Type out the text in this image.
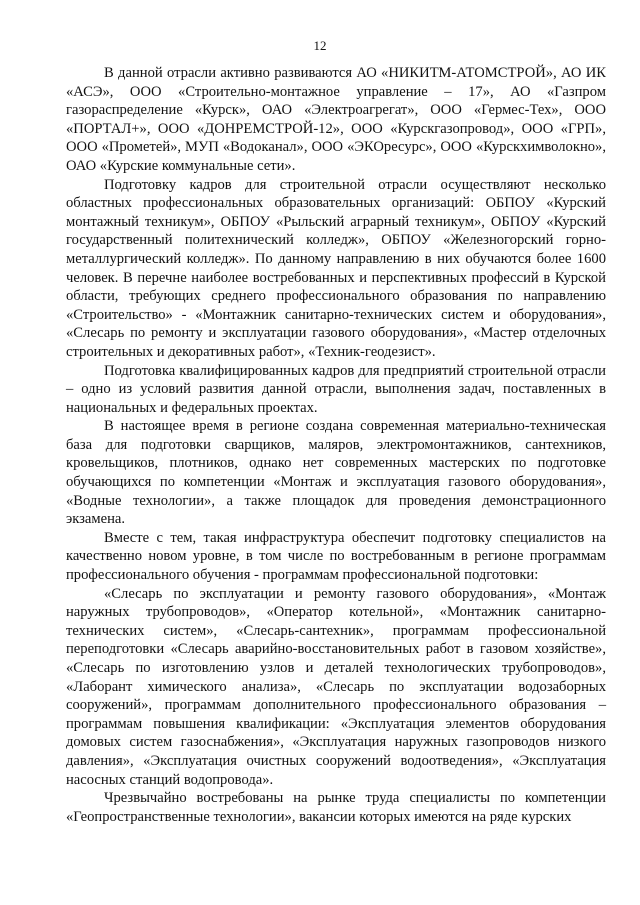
12

В данной отрасли активно развиваются АО «НИКИТМ-АТОМСТРОЙ», АО ИК «АСЭ», ООО «Строительно-монтажное управление – 17», АО «Газпром газораспределение «Курск», ОАО «Электроагрегат», ООО «Гермес-Тех», ООО «ПОРТАЛ+», ООО «ДОНРЕМСТРОЙ-12», ООО «Курскгазопровод», ООО «ГРП», ООО «Прометей», МУП «Водоканал», ООО «ЭКОресурс», ООО «Курскхимволокно», ОАО «Курские коммунальные сети».

Подготовку кадров для строительной отрасли осуществляют несколько областных профессиональных образовательных организаций: ОБПОУ «Курский монтажный техникум», ОБПОУ «Рыльский аграрный техникум», ОБПОУ «Курский государственный политехнический колледж», ОБПОУ «Железногорский горно-металлургический колледж». По данному направлению в них обучаются более 1600 человек. В перечне наиболее востребованных и перспективных профессий в Курской области, требующих среднего профессионального образования по направлению «Строительство» - «Монтажник санитарно-технических систем и оборудования», «Слесарь по ремонту и эксплуатации газового оборудования», «Мастер отделочных строительных и декоративных работ», «Техник-геодезист».

Подготовка квалифицированных кадров для предприятий строительной отрасли – одно из условий развития данной отрасли, выполнения задач, поставленных в национальных и федеральных проектах.

В настоящее время в регионе создана современная материально-техническая база для подготовки сварщиков, маляров, электромонтажников, сантехников, кровельщиков, плотников, однако нет современных мастерских по подготовке обучающихся по компетенции «Монтаж и эксплуатация газового оборудования», «Водные технологии», а также площадок для проведения демонстрационного экзамена.

Вместе с тем, такая инфраструктура обеспечит подготовку специалистов на качественно новом уровне, в том числе по востребованным в регионе программам профессионального обучения - программам профессиональной подготовки:

«Слесарь по эксплуатации и ремонту газового оборудования», «Монтаж наружных трубопроводов», «Оператор котельной», «Монтажник санитарно-технических систем», «Слесарь-сантехник», программам профессиональной переподготовки «Слесарь аварийно-восстановительных работ в газовом хозяйстве», «Слесарь по изготовлению узлов и деталей технологических трубопроводов», «Лаборант химического анализа», «Слесарь по эксплуатации водозаборных сооружений», программам дополнительного профессионального образования – программам повышения квалификации: «Эксплуатация элементов оборудования домовых систем газоснабжения», «Эксплуатация наружных газопроводов низкого давления», «Эксплуатация очистных сооружений водоотведения», «Эксплуатация насосных станций водопровода».

Чрезвычайно востребованы на рынке труда специалисты по компетенции «Геопространственные технологии», вакансии которых имеются на ряде курских
